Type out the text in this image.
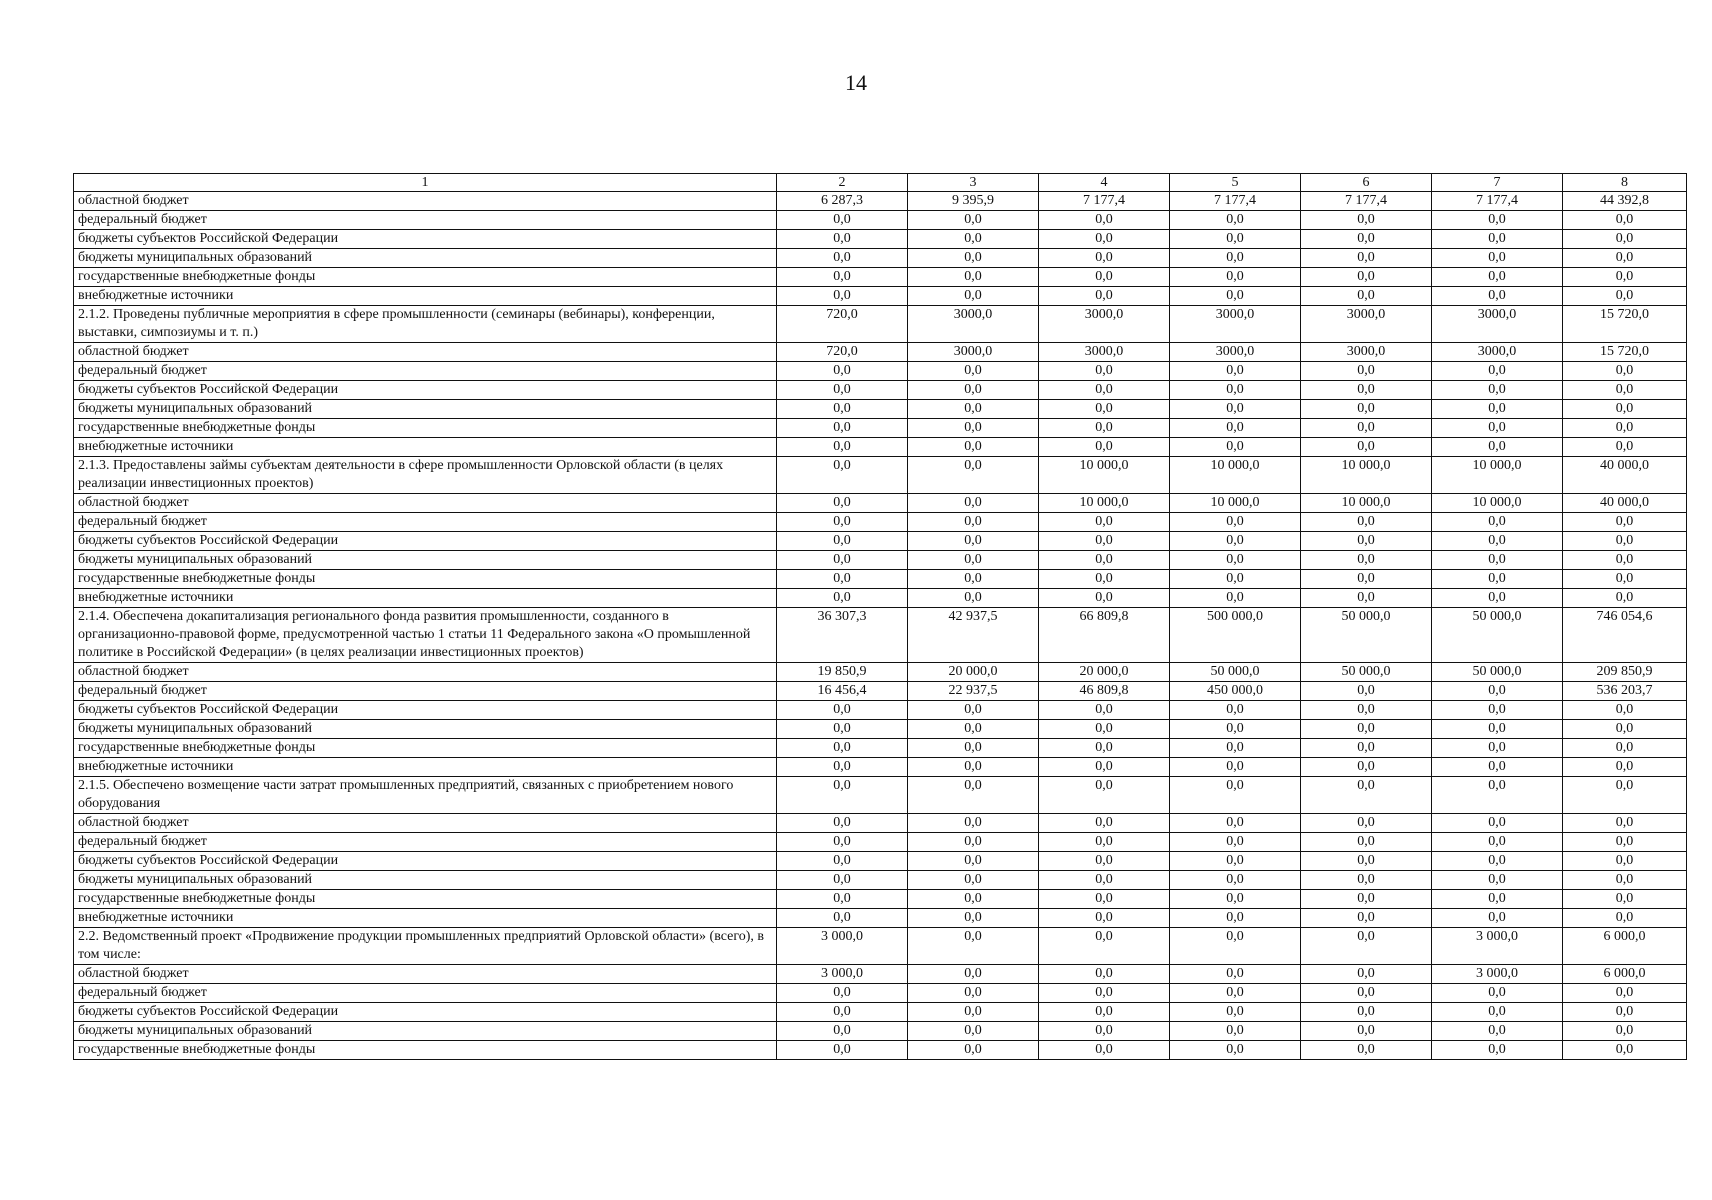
14
1	2	3	4	5	6	7	8
областной бюджет	6 287,3	9 395,9	7 177,4	7 177,4	7 177,4	7 177,4	44 392,8
федеральный бюджет	0,0	0,0	0,0	0,0	0,0	0,0	0,0
бюджеты субъектов Российской Федерации	0,0	0,0	0,0	0,0	0,0	0,0	0,0
бюджеты муниципальных образований	0,0	0,0	0,0	0,0	0,0	0,0	0,0
государственные внебюджетные фонды	0,0	0,0	0,0	0,0	0,0	0,0	0,0
внебюджетные источники	0,0	0,0	0,0	0,0	0,0	0,0	0,0
2.1.2. Проведены публичные мероприятия в сфере промышленности (семинары (вебинары), конференции, выставки, симпозиумы и т. п.)	720,0	3000,0	3000,0	3000,0	3000,0	3000,0	15 720,0
областной бюджет	720,0	3000,0	3000,0	3000,0	3000,0	3000,0	15 720,0
федеральный бюджет	0,0	0,0	0,0	0,0	0,0	0,0	0,0
бюджеты субъектов Российской Федерации	0,0	0,0	0,0	0,0	0,0	0,0	0,0
бюджеты муниципальных образований	0,0	0,0	0,0	0,0	0,0	0,0	0,0
государственные внебюджетные фонды	0,0	0,0	0,0	0,0	0,0	0,0	0,0
внебюджетные источники	0,0	0,0	0,0	0,0	0,0	0,0	0,0
2.1.3. Предоставлены займы субъектам деятельности в сфере промышленности Орловской области (в целях реализации инвестиционных проектов)	0,0	0,0	10 000,0	10 000,0	10 000,0	10 000,0	40 000,0
областной бюджет	0,0	0,0	10 000,0	10 000,0	10 000,0	10 000,0	40 000,0
федеральный бюджет	0,0	0,0	0,0	0,0	0,0	0,0	0,0
бюджеты субъектов Российской Федерации	0,0	0,0	0,0	0,0	0,0	0,0	0,0
бюджеты муниципальных образований	0,0	0,0	0,0	0,0	0,0	0,0	0,0
государственные внебюджетные фонды	0,0	0,0	0,0	0,0	0,0	0,0	0,0
внебюджетные источники	0,0	0,0	0,0	0,0	0,0	0,0	0,0
2.1.4. Обеспечена докапитализация регионального фонда развития промышленности, созданного в организационно-правовой форме, предусмотренной частью 1 статьи 11 Федерального закона «О промышленной политике в Российской Федерации» (в целях реализации инвестиционных проектов)	36 307,3	42 937,5	66 809,8	500 000,0	50 000,0	50 000,0	746 054,6
областной бюджет	19 850,9	20 000,0	20 000,0	50 000,0	50 000,0	50 000,0	209 850,9
федеральный бюджет	16 456,4	22 937,5	46 809,8	450 000,0	0,0	0,0	536 203,7
бюджеты субъектов Российской Федерации	0,0	0,0	0,0	0,0	0,0	0,0	0,0
бюджеты муниципальных образований	0,0	0,0	0,0	0,0	0,0	0,0	0,0
государственные внебюджетные фонды	0,0	0,0	0,0	0,0	0,0	0,0	0,0
внебюджетные источники	0,0	0,0	0,0	0,0	0,0	0,0	0,0
2.1.5. Обеспечено возмещение части затрат промышленных предприятий, связанных с приобретением нового оборудования	0,0	0,0	0,0	0,0	0,0	0,0	0,0
областной бюджет	0,0	0,0	0,0	0,0	0,0	0,0	0,0
федеральный бюджет	0,0	0,0	0,0	0,0	0,0	0,0	0,0
бюджеты субъектов Российской Федерации	0,0	0,0	0,0	0,0	0,0	0,0	0,0
бюджеты муниципальных образований	0,0	0,0	0,0	0,0	0,0	0,0	0,0
государственные внебюджетные фонды	0,0	0,0	0,0	0,0	0,0	0,0	0,0
внебюджетные источники	0,0	0,0	0,0	0,0	0,0	0,0	0,0
2.2. Ведомственный проект «Продвижение продукции промышленных предприятий Орловской области» (всего), в том числе:	3 000,0	0,0	0,0	0,0	0,0	3 000,0	6 000,0
областной бюджет	3 000,0	0,0	0,0	0,0	0,0	3 000,0	6 000,0
федеральный бюджет	0,0	0,0	0,0	0,0	0,0	0,0	0,0
бюджеты субъектов Российской Федерации	0,0	0,0	0,0	0,0	0,0	0,0	0,0
бюджеты муниципальных образований	0,0	0,0	0,0	0,0	0,0	0,0	0,0
государственные внебюджетные фонды	0,0	0,0	0,0	0,0	0,0	0,0	0,0
